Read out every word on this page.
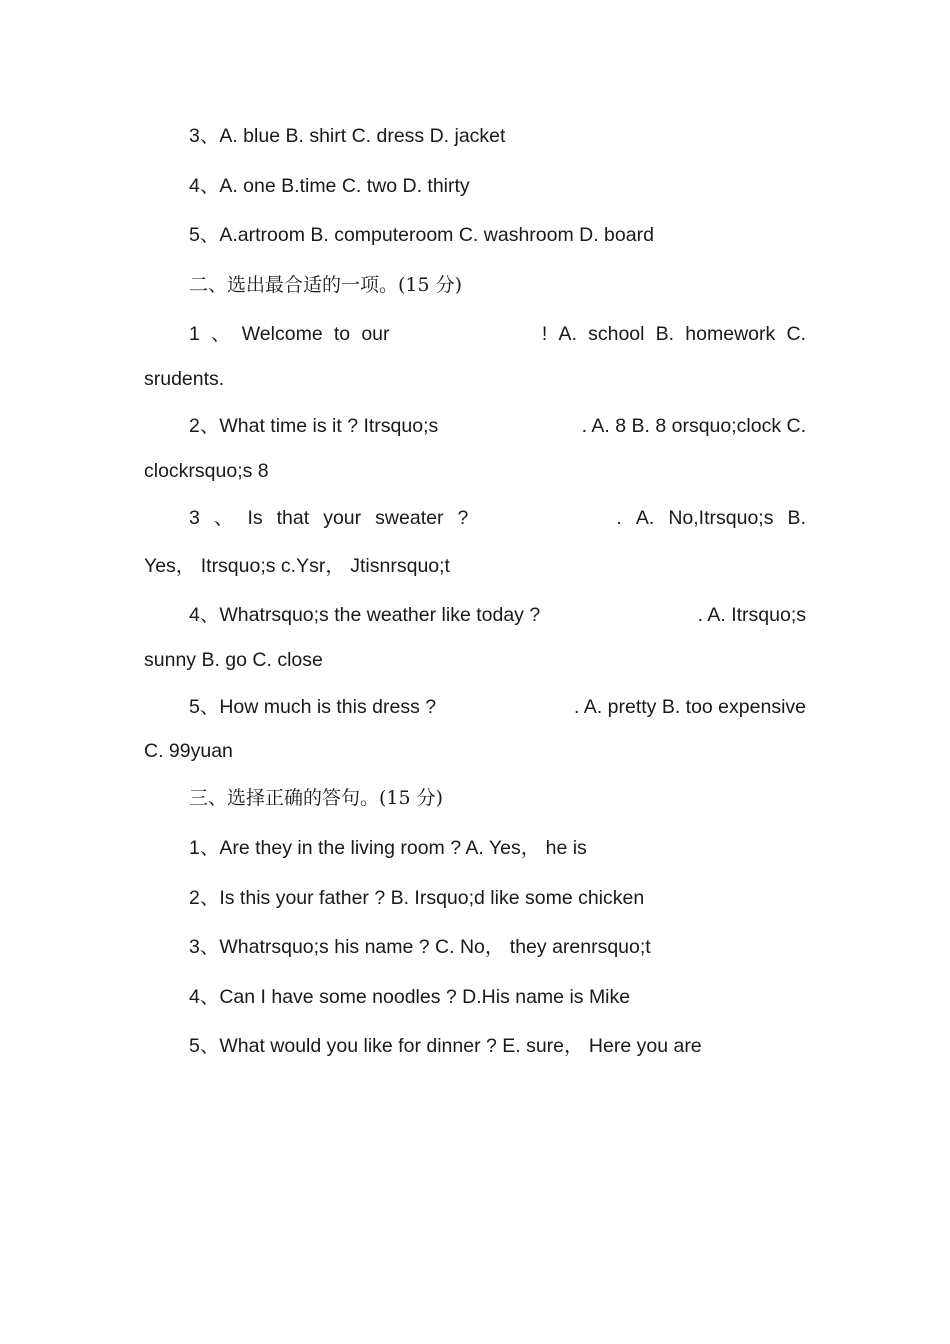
3、A. blue B. shirt C. dress D. jacket
4、A. one B.time C. two D. thirty
5、A.artroom B. computeroom C. washroom D. board
二、选出最合适的一项。(15 分)
1 、 Welcome to our	! A. school B. homework C.
srudents.
2、What time is it ? Itrsquo;s	. A. 8 B. 8 orsquo;clock C.
clockrsquo;s 8
3 、 Is that your sweater ?	. A. No,Itrsquo;s B.
Yes， Itrsquo;s c.Ysr， Jtisnrsquo;t
4、Whatrsquo;s the weather like today ?	. A. Itrsquo;s
sunny B. go C. close
5、How much is this dress ?	. A. pretty B. too expensive
C. 99yuan
三、选择正确的答句。(15 分)
1、Are they in the living room ? A. Yes， he is
2、Is this your father ? B. Irsquo;d like some chicken
3、Whatrsquo;s his name ? C. No， they arenrsquo;t
4、Can I have some noodles ? D.His name is Mike
5、What would you like for dinner ? E. sure， Here you are
